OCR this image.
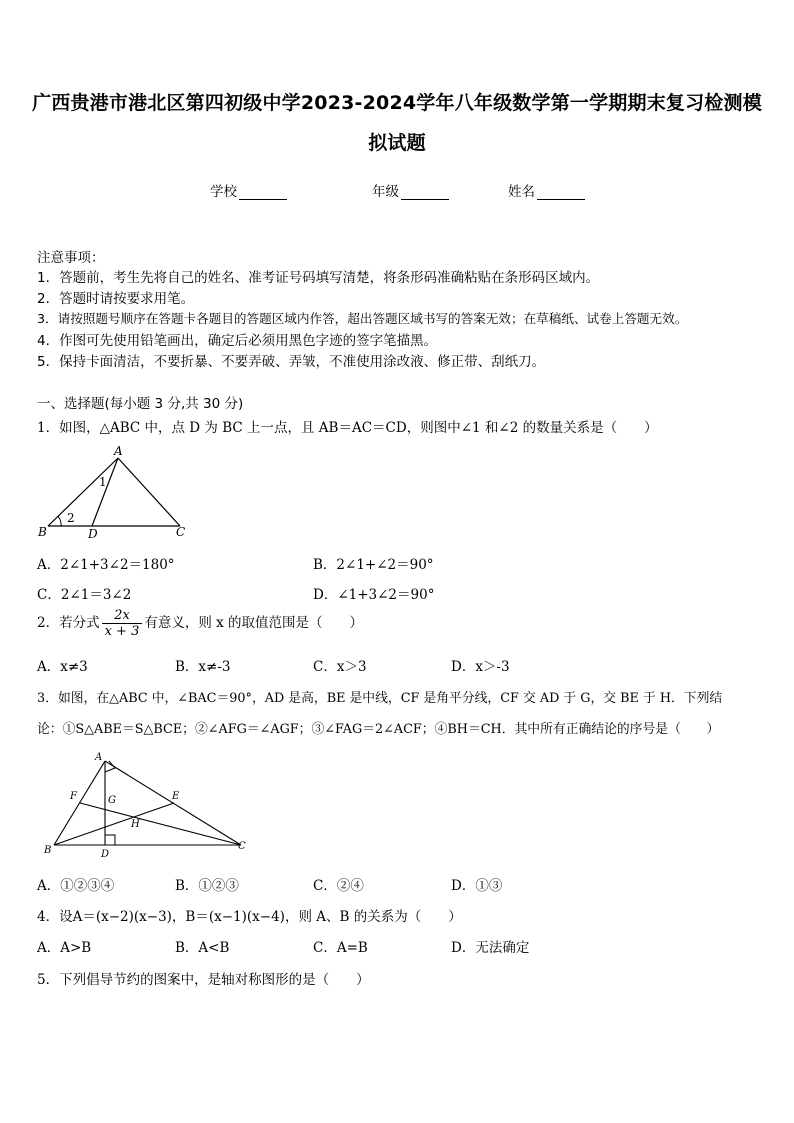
广西贵港市港北区第四初级中学2023-2024学年八年级数学第一学期期末复习检测模
拟试题
学校	年级	姓名
注意事项：
1．答题前，考生先将自己的姓名、准考证号码填写清楚，将条形码准确粘贴在条形码区域内。
2．答题时请按要求用笔。
3．请按照题号顺序在答题卡各题目的答题区域内作答，超出答题区域书写的答案无效；在草稿纸、试卷上答题无效。
4．作图可先使用铅笔画出，确定后必须用黑色字迹的签字笔描黑。
5．保持卡面清洁，不要折暴、不要弄破、弄皱，不准使用涂改液、修正带、刮纸刀。
一、选择题(每小题 3 分,共 30 分)
1．如图，△ABC 中，点 D 为 BC 上一点，且 AB＝AC＝CD，则图中∠1 和∠2 的数量关系是（　　）
A
B	C
D
1
2
A．2∠1+3∠2＝180°	B．2∠1+∠2＝90°
C．2∠1＝3∠2	D．∠1+3∠2＝90°
2．若分式 $\frac{2x}{x + 3}$ 有意义，则 x 的取值范围是（　　）
A．x≠3	B．x≠-3	C．x＞3	D．x＞-3
3．如图，在△ABC 中，∠BAC＝90°，AD 是高，BE 是中线，CF 是角平分线，CF 交 AD 于 G，交 BE 于 H．下列结
论：①S△ABE＝S△BCE；②∠AFG＝∠AGF；③∠FAG＝2∠ACF；④BH＝CH．其中所有正确结论的序号是（　　）
A
B	C
D
E
F	G
H
A．①②③④	B．①②③	C．②④	D．①③
4．设A＝(x−2)(x−3)，B＝(x−1)(x−4)，则 A、B 的关系为（　　）
A．A>B	B．A<B	C．A=B	D．无法确定
5．下列倡导节约的图案中，是轴对称图形的是（　　）
